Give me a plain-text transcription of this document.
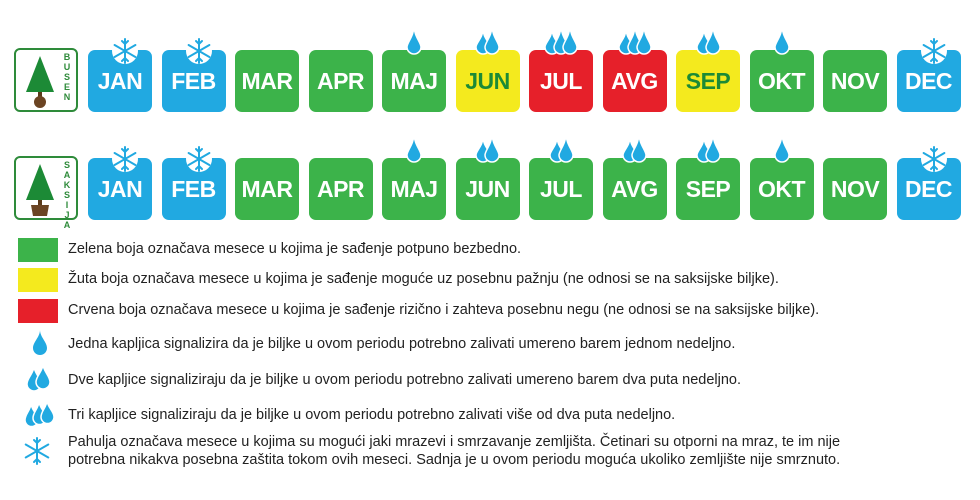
B
U
S
E
N
JAN FEB MAR APR MAJ JUN JUL AVG SEP OKT NOV DEC
S
A
K
S
I
J
A
JAN FEB MAR APR MAJ JUN JUL AVG SEP OKT NOV DEC
Zelena boja označava mesece u kojima je sađenje potpuno bezbedno.
Žuta boja označava mesece u kojima je sađenje moguće uz posebnu pažnju (ne odnosi se na saksijske biljke).
Crvena boja označava mesece u kojima je sađenje rizično i zahteva posebnu negu (ne odnosi se na saksijske biljke).
Jedna kapljica signalizira da je biljke u ovom periodu potrebno zalivati umereno barem jednom nedeljno.
Dve kapljice signaliziraju da je biljke u ovom periodu potrebno zalivati umereno barem dva puta nedeljno.
Tri kapljice signaliziraju da je biljke u ovom periodu potrebno zalivati više od dva puta nedeljno.
Pahulja označava mesece u kojima su mogući jaki mrazevi i smrzavanje zemljišta. Četinari su otporni na mraz, te im nije
potrebna nikakva posebna zaštita tokom ovih meseci. Sadnja je u ovom periodu moguća ukoliko zemljište nije smrznuto.
